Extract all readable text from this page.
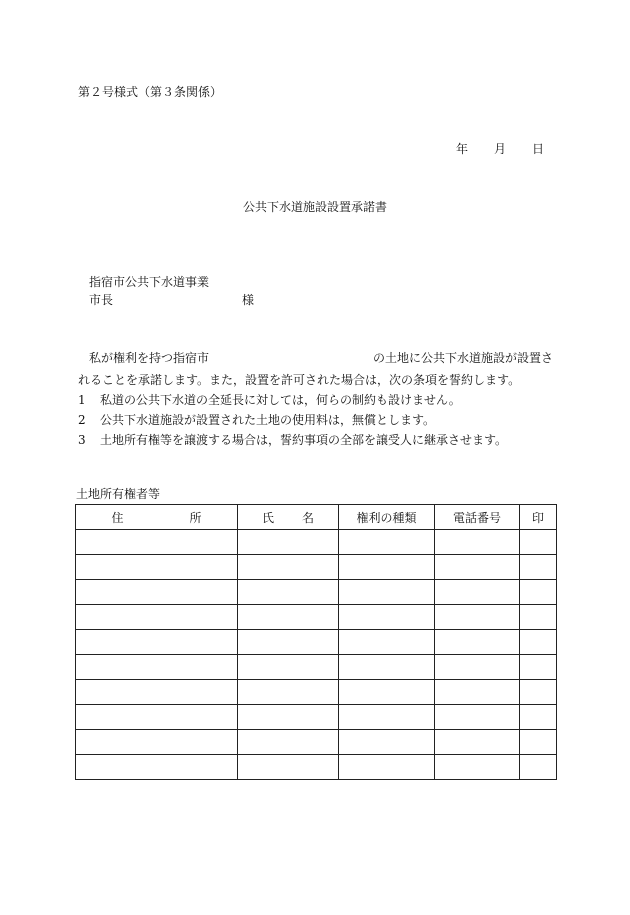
第２号様式（第３条関係）
年 月 日
公共下水道施設設置承諾書
指宿市公共下水道事業
市長	様
私が権利を持つ指宿市	の土地に公共下水道施設が設置さ
れることを承諾します。また，設置を許可された場合は，次の条項を誓約します。
1 私道の公共下水道の全延長に対しては，何らの制約も設けません。
2 公共下水道施設が設置された土地の使用料は，無償とします。
3 土地所有権等を譲渡する場合は，誓約事項の全部を譲受人に継承させます。
土地所有権者等
住 所	氏 名	権利の種類	電話番号	印
